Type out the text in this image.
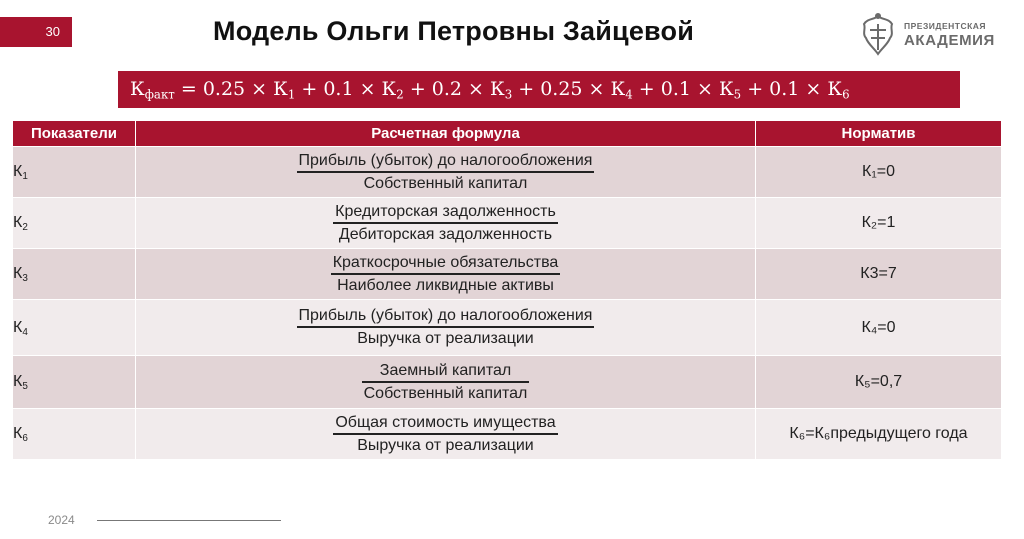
30	Модель Ольги Петровны Зайцевой	ПРЕЗИДЕНТСКАЯ
АКАДЕМИЯ
$К_{факт} = 0.25 \times К_1 + 0.1 \times К_2 + 0.2 \times К_3 + 0.25 \times К_4 + 0.1 \times К_5 + 0.1 \times К_6$
Показатели	Расчетная формула	Норматив
$К_1$	$\frac{\text{Прибыль (убыток) до налогообложения}}{\text{Собственный капитал}}$	К₁=0
$К_2$	$\frac{\text{Кредиторская задолженность}}{\text{Дебиторская задолженность}}$	К₂=1
$К_3$	$\frac{\text{Краткосрочные обязательства}}{\text{Наиболее ликвидные активы}}$	К3=7
$К_4$	$\frac{\text{Прибыль (убыток) до налогообложения}}{\text{Выручка от реализации}}$	К₄=0
$К_5$	$\frac{\text{Заемный капитал}}{\text{Собственный капитал}}$	К₅=0,7
$К_6$	$\frac{\text{Общая стоимость имущества}}{\text{Выручка от реализации}}$	К₆=К₆предыдущего года
2024
